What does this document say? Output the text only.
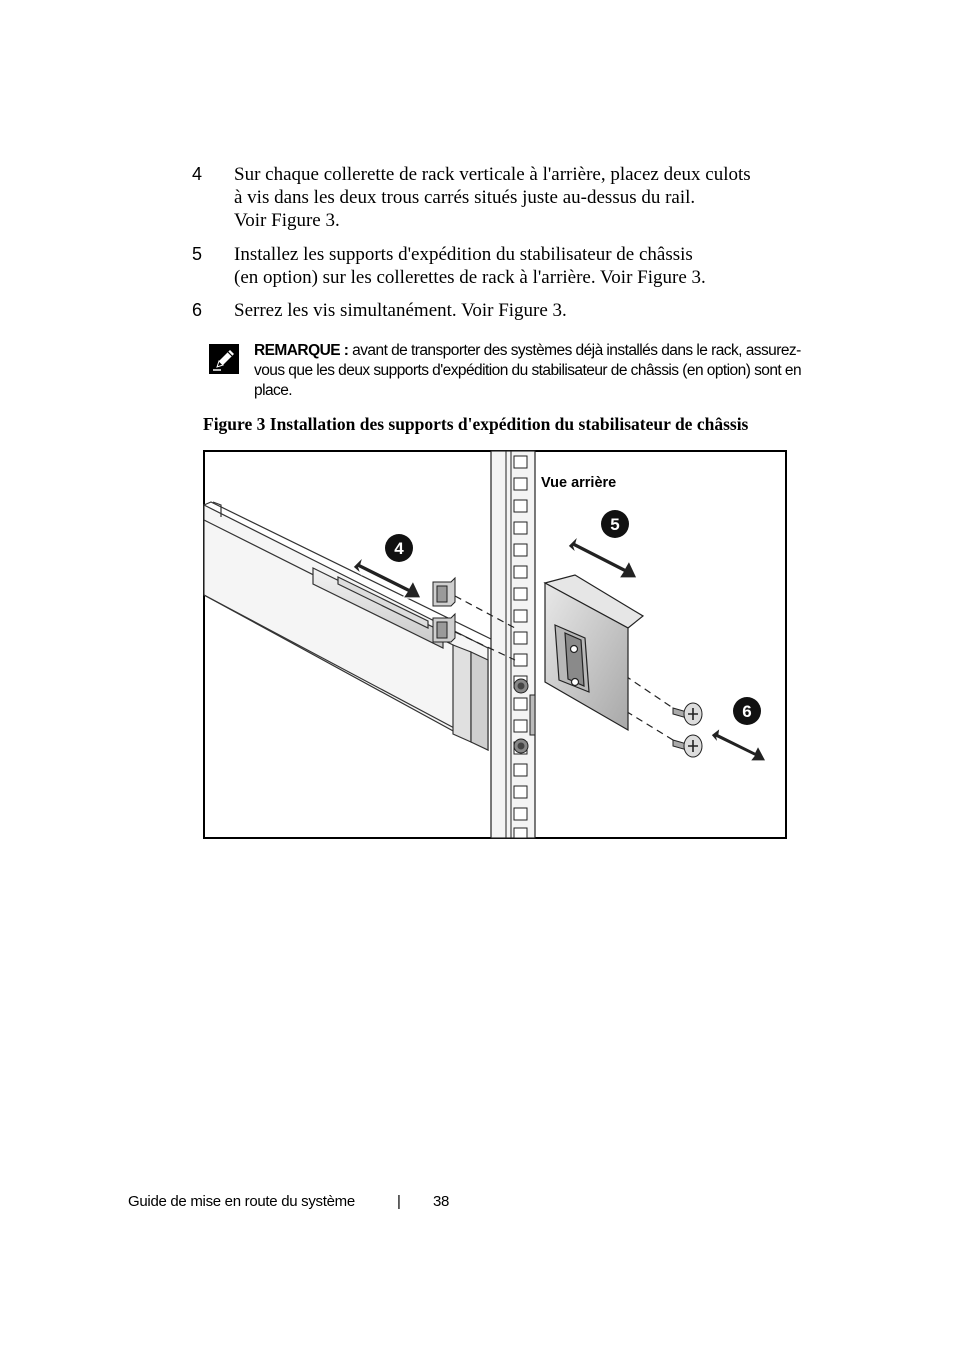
4 Sur chaque collerette de rack verticale à l'arrière, placez deux culots
à vis dans les deux trous carrés situés juste au-dessus du rail.
Voir Figure 3.
5 Installez les supports d'expédition du stabilisateur de châssis
(en option) sur les collerettes de rack à l'arrière. Voir Figure 3.
6 Serrez les vis simultanément. Voir Figure 3.
REMARQUE : avant de transporter des systèmes déjà installés dans le rack, assurez-vous que les deux supports d'expédition du stabilisateur de châssis (en option) sont en place.
Figure 3 Installation des supports d'expédition du stabilisateur de châssis
4
5
6
Vue arrière
Guide de mise en route du système	| 38
